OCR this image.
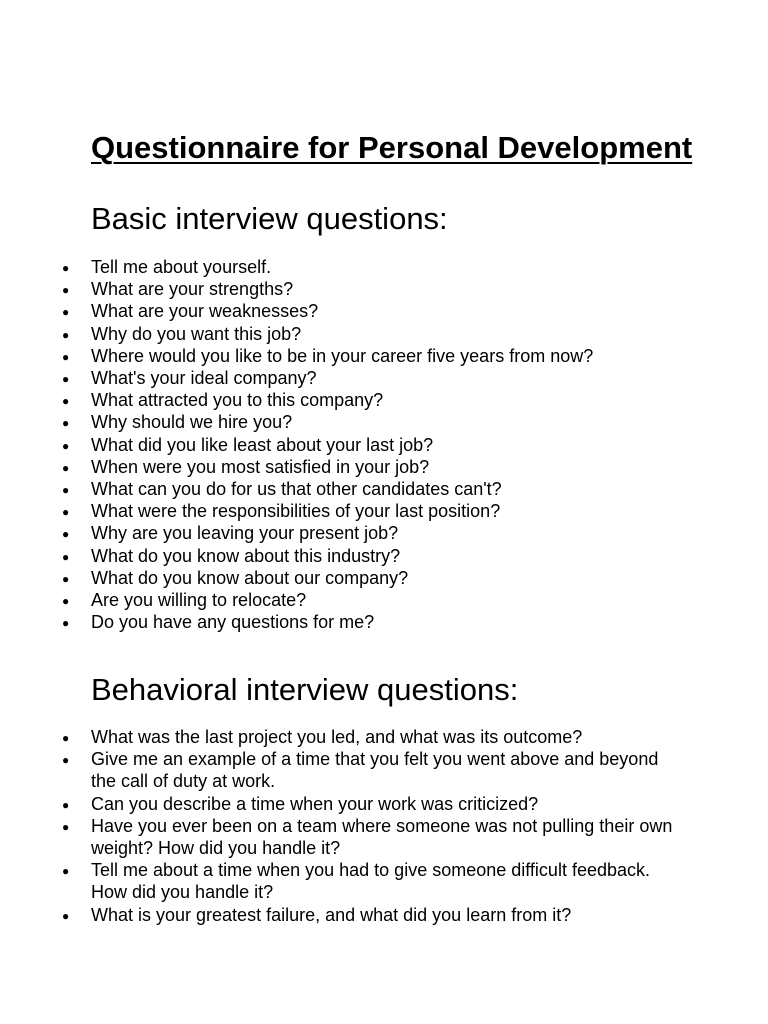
Questionnaire for Personal Development
Basic interview questions:
● Tell me about yourself.
● What are your strengths?
● What are your weaknesses?
● Why do you want this job?
● Where would you like to be in your career five years from now?
● What's your ideal company?
● What attracted you to this company?
● Why should we hire you?
● What did you like least about your last job?
● When were you most satisfied in your job?
● What can you do for us that other candidates can't?
● What were the responsibilities of your last position?
● Why are you leaving your present job?
● What do you know about this industry?
● What do you know about our company?
● Are you willing to relocate?
● Do you have any questions for me?
Behavioral interview questions:
● What was the last project you led, and what was its outcome?
● Give me an example of a time that you felt you went above and beyond the call of duty at work.
● Can you describe a time when your work was criticized?
● Have you ever been on a team where someone was not pulling their own weight? How did you handle it?
● Tell me about a time when you had to give someone difficult feedback. How did you handle it?
● What is your greatest failure, and what did you learn from it?
